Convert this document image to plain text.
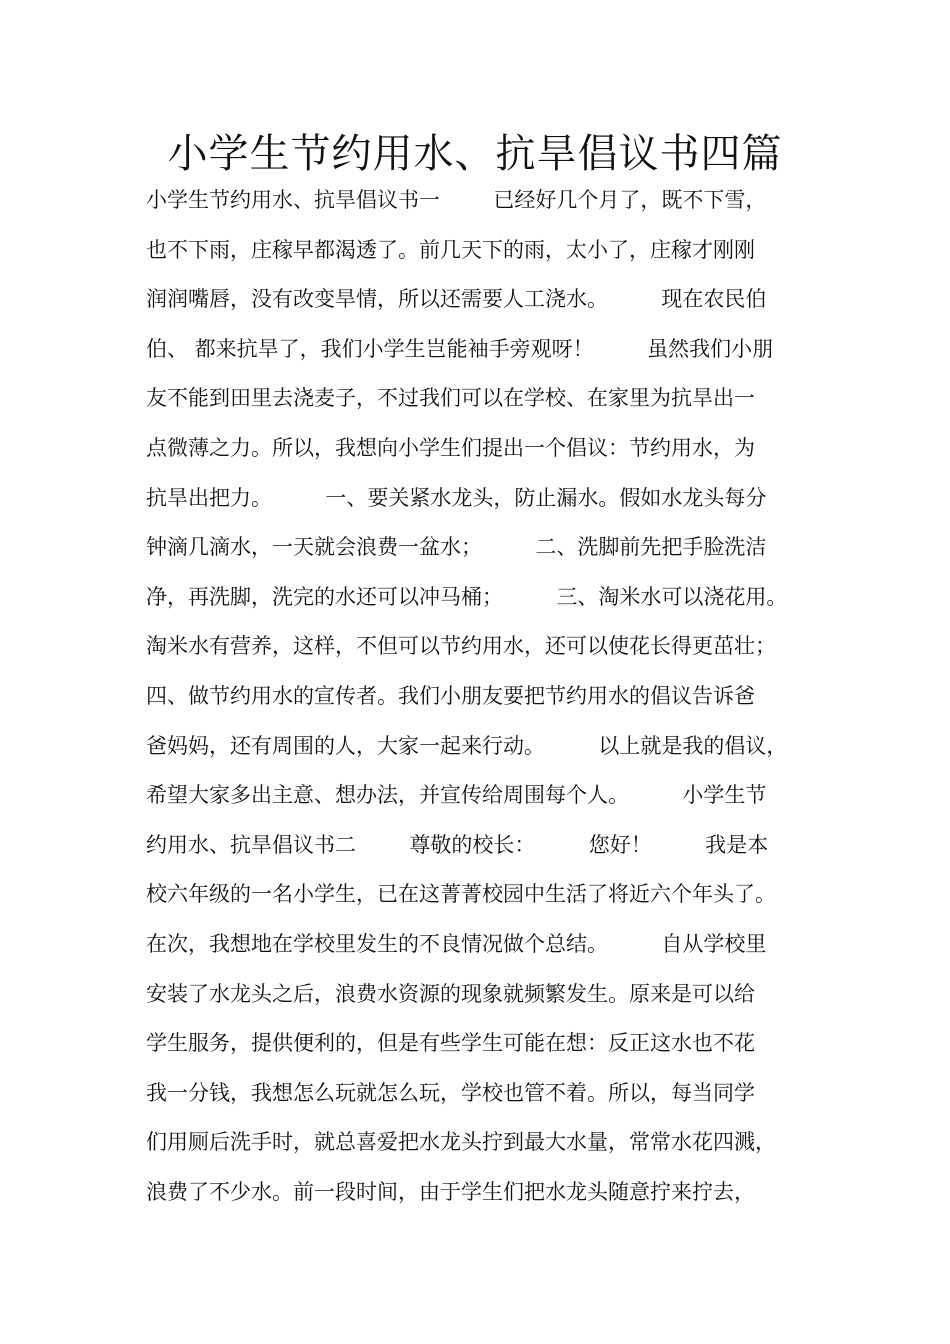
小学生节约用水、抗旱倡议书四篇
小学生节约用水、抗旱倡议书一        已经好几个月了，既不下雪，
也不下雨，庄稼早都渴透了。前几天下的雨，太小了，庄稼才刚刚
润润嘴唇，没有改变旱情，所以还需要人工浇水。        现在农民伯
伯、 都来抗旱了，我们小学生岂能袖手旁观呀！        虽然我们小朋
友不能到田里去浇麦子，不过我们可以在学校、在家里为抗旱出一
点微薄之力。所以，我想向小学生们提出一个倡议：节约用水，为
抗旱出把力。        一、要关紧水龙头，防止漏水。假如水龙头每分
钟滴几滴水，一天就会浪费一盆水；        二、洗脚前先把手脸洗洁
净，再洗脚，洗完的水还可以冲马桶；        三、淘米水可以浇花用。
淘米水有营养，这样，不但可以节约用水，还可以使花长得更茁壮；
四、做节约用水的宣传者。我们小朋友要把节约用水的倡议告诉爸
爸妈妈，还有周围的人，大家一起来行动。        以上就是我的倡议，
希望大家多出主意、想办法，并宣传给周围每个人。        小学生节
约用水、抗旱倡议书二        尊敬的校长：        您好！        我是本
校六年级的一名小学生，已在这菁菁校园中生活了将近六个年头了。
在次，我想地在学校里发生的不良情况做个总结。        自从学校里
安装了水龙头之后，浪费水资源的现象就频繁发生。原来是可以给
学生服务，提供便利的，但是有些学生可能在想：反正这水也不花
我一分钱，我想怎么玩就怎么玩，学校也管不着。所以，每当同学
们用厕后洗手时，就总喜爱把水龙头拧到最大水量，常常水花四溅，
浪费了不少水。前一段时间，由于学生们把水龙头随意拧来拧去，
